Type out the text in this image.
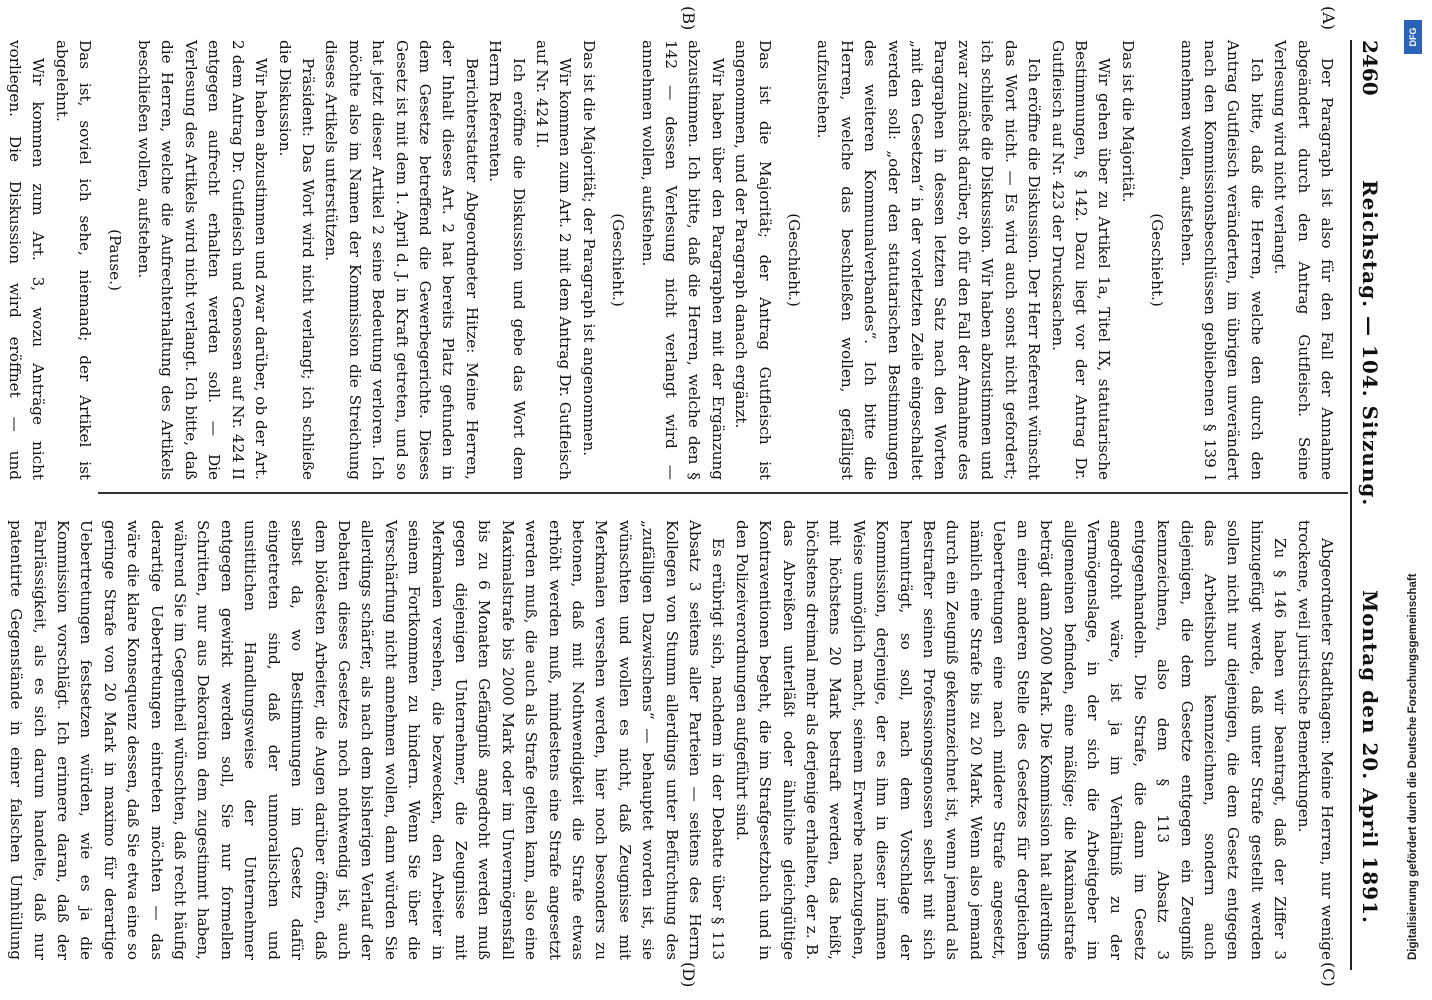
2460
Reichstag. — 104. Sitzung.
Montag den 20. April 1891.
(A)
(B)
(C)
(D)

Der Paragraph ist also für den Fall der Annahme abgeändert durch den Antrag Gutfleisch. Seine Verlesung wird nicht verlangt.

Ich bitte, daß die Herren, welche den durch den Antrag Gutfleisch veränderten, im übrigen unverändert nach den Kommissionsbeschlüssen gebliebenen § 139 l annehmen wollen, aufstehen.

(Geschieht.)

Das ist die Majorität.

Wir gehen über zu Artikel 1a, Titel IX, statutarische Bestimmungen, § 142. Dazu liegt vor der Antrag Dr. Gutfleisch auf Nr. 423 der Drucksachen.

Ich eröffne die Diskussion. Der Herr Referent wünscht das Wort nicht. — Es wird auch sonst nicht gefordert; ich schließe die Diskussion. Wir haben abzustimmen und zwar zunächst darüber, ob für den Fall der Annahme des Paragraphen in dessen letzten Satz nach den Worten „mit den Gesetzen“ in der vorletzten Zeile eingeschaltet werden soll: „oder den statutarischen Bestimmungen des weiteren Kommunalverbandes“. Ich bitte die Herren, welche das beschließen wollen, gefälligst aufzustehen.

(Geschieht.)

Das ist die Majorität; der Antrag Gutfleisch ist angenommen, und der Paragraph danach ergänzt.

Wir haben über den Paragraphen mit der Ergänzung abzustimmen. Ich bitte, daß die Herren, welche den § 142 — dessen Verlesung nicht verlangt wird — annehmen wollen, aufstehen.

(Geschieht.)

Das ist die Majorität; der Paragraph ist angenommen.

Wir kommen zum Art. 2 mit dem Antrag Dr. Gutfleisch auf Nr. 424 II.

Ich eröffne die Diskussion und gebe das Wort dem Herrn Referenten.

Berichterstatter Abgeordneter Hitze: Meine Herren, der Inhalt dieses Art. 2 hat bereits Platz gefunden in dem Gesetze betreffend die Gewerbegerichte. Dieses Gesetz ist mit dem 1. April d. J. in Kraft getreten, und so hat jetzt dieser Artikel 2 seine Bedeutung verloren. Ich möchte also im Namen der Kommission die Streichung dieses Artikels unterstützen.

Präsident: Das Wort wird nicht verlangt; ich schließe die Diskussion.

Wir haben abzustimmen und zwar darüber, ob der Art. 2 dem Antrag Dr. Gutfleisch und Genossen auf Nr. 424 II entgegen aufrecht erhalten werden soll. — Die Verlesung des Artikels wird nicht verlangt. Ich bitte, daß die Herren, welche die Aufrechterhaltung des Artikels beschließen wollen, aufstehen.

(Pause.)

Das ist, soviel ich sehe, niemand; der Artikel ist abgelehnt.

Wir kommen zum Art. 3, wozu Anträge nicht vorliegen. Die Diskussion wird eröffnet — und

Abgeordneter Stadthagen: Meine Herren, nur wenige trockene, weil juristische Bemerkungen.

Zu § 146 haben wir beantragt, daß der Ziffer 3 hinzugefügt werde, daß unter Strafe gestellt werden sollen nicht nur diejenigen, die dem Gesetz entgegen das Arbeitsbuch kennzeichnen, sondern auch diejenigen, die dem Gesetze entgegen ein Zeugniß kennzeichnen, also dem § 113 Absatz 3 entgegenhandeln. Die Strafe, die dann im Gesetz angedroht wäre, ist ja im Verhältniß zu der Vermögenslage, in der sich die Arbeitgeber im allgemeinen befinden, eine mäßige; die Maximalstrafe beträgt dann 2000 Mark. Die Kommission hat allerdings an einer anderen Stelle des Gesetzes für dergleichen Uebertretungen eine nach mildere Strafe angesetzt, nämlich eine Strafe bis zu 20 Mark. Wenn also jemand durch ein Zeugniß gekennzeichnet ist, wenn jemand als Bestrafter seinen Professionsgenossen selbst mit sich herumträgt, so soll, nach dem Vorschlage der Kommission, derjenige, der es ihm in dieser infamen Weise unmöglich macht, seinem Erwerbe nachzugehen, mit höchstens 20 Mark bestraft werden, das heißt, höchstens dreimal mehr als derjenige erhalten, der z. B. das Abreißen unterläßt oder ähnliche gleichgültige Kontraventionen begeht, die im Strafgesetzbuch und in den Polizeiverordnungen aufgeführt sind.

Es erübrigt sich, nachdem in der Debatte über § 113 Absatz 3 seitens aller Parteien — seitens des Herrn Kollegen von Stumm allerdings unter Befürchtung des „zufälligen Dazwischens“ — behauptet worden ist, sie wünschten und wollen es nicht, daß Zeugnisse mit Merkmalen versehen werden, hier noch besonders zu betonen, daß mit Nothwendigkeit die Strafe etwas erhöht werden muß, mindestens eine Strafe angesetzt werden muß, die auch als Strafe gelten kann, also eine Maximalstrafe bis 2000 Mark oder im Unvermögensfall bis zu 6 Monaten Gefängniß angedroht werden muß gegen diejenigen Unternehmer, die Zeugnisse mit Merkmalen versehen, die bezwecken, den Arbeiter in seinem Fortkommen zu hindern. Wenn Sie über die Verschärfung nicht annehmen wollen, dann würden Sie allerdings schärfer, als nach dem bisherigen Verlauf der Debatten dieses Gesetzes noch nothwendig ist, auch dem blödesten Arbeiter, die Augen darüber öffnen, daß selbst da, wo Bestimmungen im Gesetz dafür eingetreten sind, daß der unmoralischen und unsittlichen Handlungsweise der Unternehmer entgegen gewirkt werden soll, Sie nur formellen Schritten, nur aus Dekoration dem zugestimmt haben, während Sie im Gegentheil wünschten, daß recht häufig derartige Uebertretungen eintreten möchten — das wäre die klare Konsequenz dessen, daß Sie etwa eine so geringe Strafe von 20 Mark in maximo für derartige Uebertretungen festsetzen würden, wie es ja die Kommission vorschlägt. Ich erinnere daran, daß der Fahrlässigkeit, als es sich darum handelte, daß nur patentirte Gegenstände in einer falschen Umhüllung

DFG
Digitalisierung gefördert durch die Deutsche Forschungsgemeinschaft
